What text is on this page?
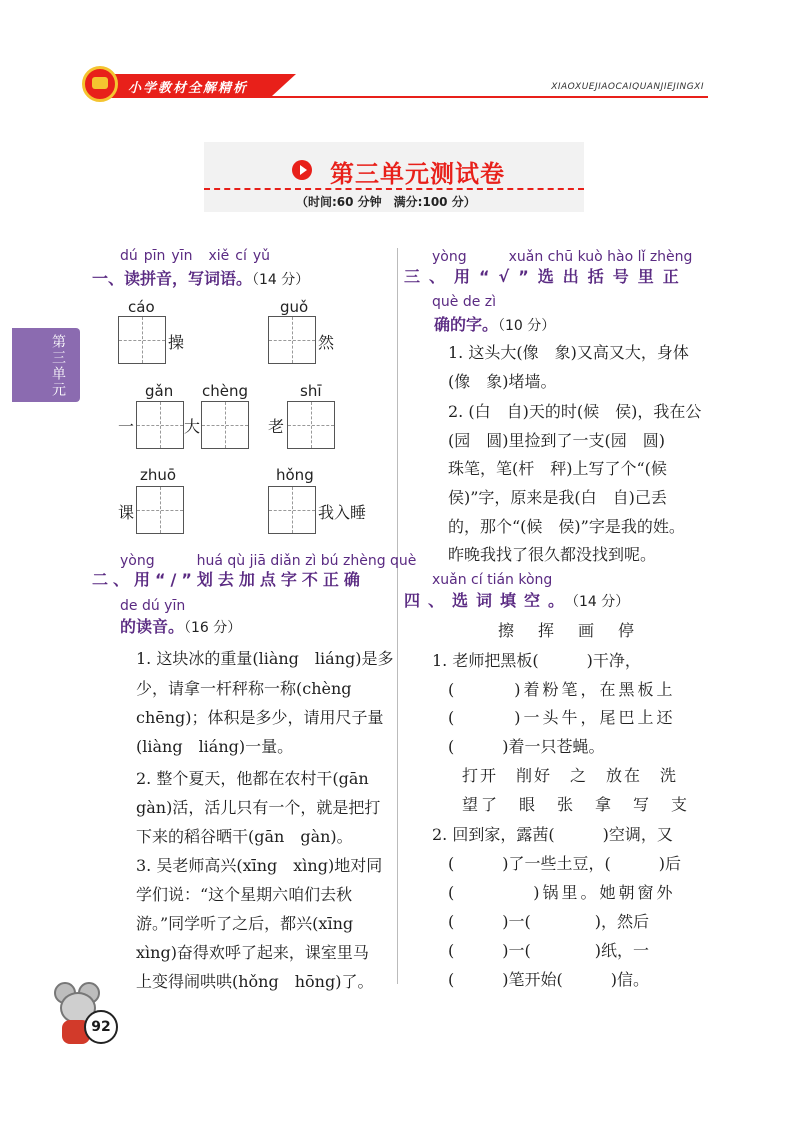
小学教材全解精析	XIAOXUEJIAOCAIQUANJIEJINGXI
第三单元测试卷
（时间:60 分钟　满分:100 分）
第三单元
dú pīn yīn xiě cí yǔ
一、读拼音，写词语。（14 分）
cáo
操
guǒ
然
gǎn
一
chèng
大
shī
老
zhuō
课
hǒng
我入睡
yòng　　　huá qù jiā diǎn zì bú zhèng què
二、用“/”划去加点字不正确
de dú yīn
的读音。（16 分）
1. 这块冰的重量(liàng　liáng)是多
少，请拿一杆秤称一称(chèng
chēng)；体积是多少，请用尺子量
(liàng　liáng)一量。
2. 整个夏天，他都在农村干(gān
gàn)活，活儿只有一个，就是把打
下来的稻谷晒干(gān　gàn)。
3. 吴老师高兴(xīng　xìng)地对同
学们说：“这个星期六咱们去秋
游。”同学听了之后，都兴(xīng
xìng)奋得欢呼了起来，课室里马
上变得闹哄哄(hǒng　hōng)了。
yòng　　　xuǎn chū kuò hào lǐ zhèng
三、用“√”选出括号里正
què de zì
确的字。（10 分）
1. 这头大(像　象)又高又大，身体
(像　象)堵墙。
2. (白　自)天的时(候　侯)，我在公
(园　圆)里捡到了一支(园　圆)
珠笔，笔(杆　秤)上写了个“(候
侯)”字，原来是我(白　自)己丢
的，那个“(候　侯)”字是我的姓。
昨晚我找了很久都没找到呢。
xuǎn cí tián kòng
四、选词填空。（14 分）
擦　挥　画　停
1. 老师把黑板(　　　)干净，
(　　　)着粉笔，在黑板上
(　　　)一头牛，尾巴上还
(　　　)着一只苍蝇。
打开　削好　之　放在　洗
望了　眼　张　拿　写　支
2. 回到家，露茜(　　　)空调，又
(　　　)了一些土豆，(　　　)后
(　　　　)锅里。她朝窗外
(　　　)一(　　　　)，然后
(　　　)一(　　　　)纸，一
(　　　)笔开始(　　　)信。
92
